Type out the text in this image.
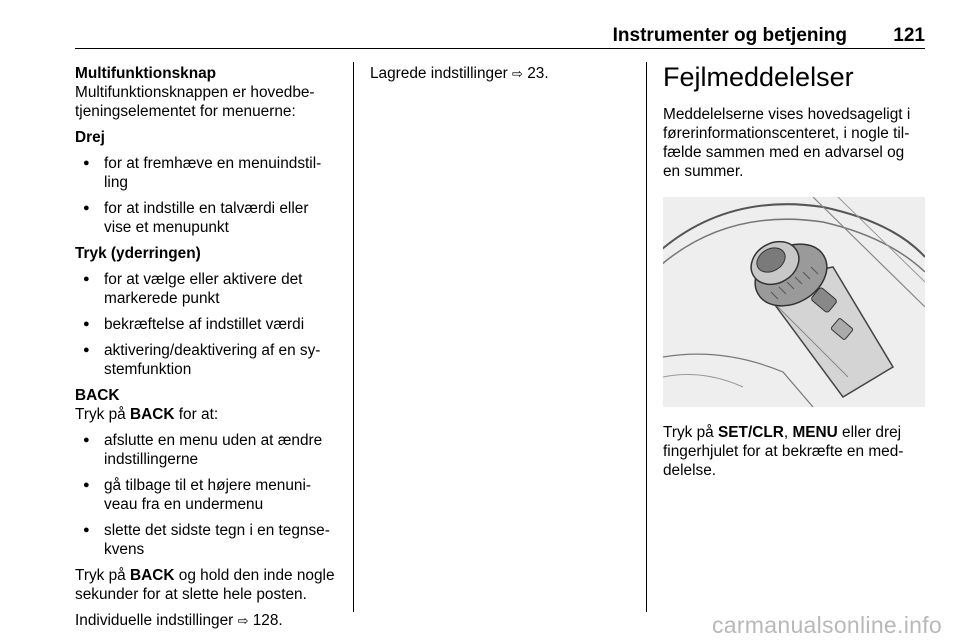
Instrumenter og betjening 121

Multifunktionsknap

Multifunktionsknappen er hovedbe-

tjeningselementet for menuerne:

Drej

● for at fremhæve en menuindstil-
ling
● for at indstille en talværdi eller
vise et menupunkt

Tryk (yderringen)

● for at vælge eller aktivere det
markerede punkt
● bekræftelse af indstillet værdi
● aktivering/deaktivering af en sy-
stemfunktion

BACK

Tryk på BACK for at:

● afslutte en menu uden at ændre
indstillingerne
● gå tilbage til et højere menuni-
veau fra en undermenu
● slette det sidste tegn i en tegnse-
kvens

Tryk på BACK og hold den inde nogle

sekunder for at slette hele posten.

Individuelle indstillinger ⇨ 128.

Lagrede indstillinger ⇨ 23.	Fejlmeddelelser

Meddelelserne vises hovedsageligt i

førerinformationscenteret, i nogle til-

fælde sammen med en advarsel og

en summer.

Tryk på SET/CLR, MENU eller drej

fingerhjulet for at bekræfte en med-

delelse.

carmanualsonline.info
